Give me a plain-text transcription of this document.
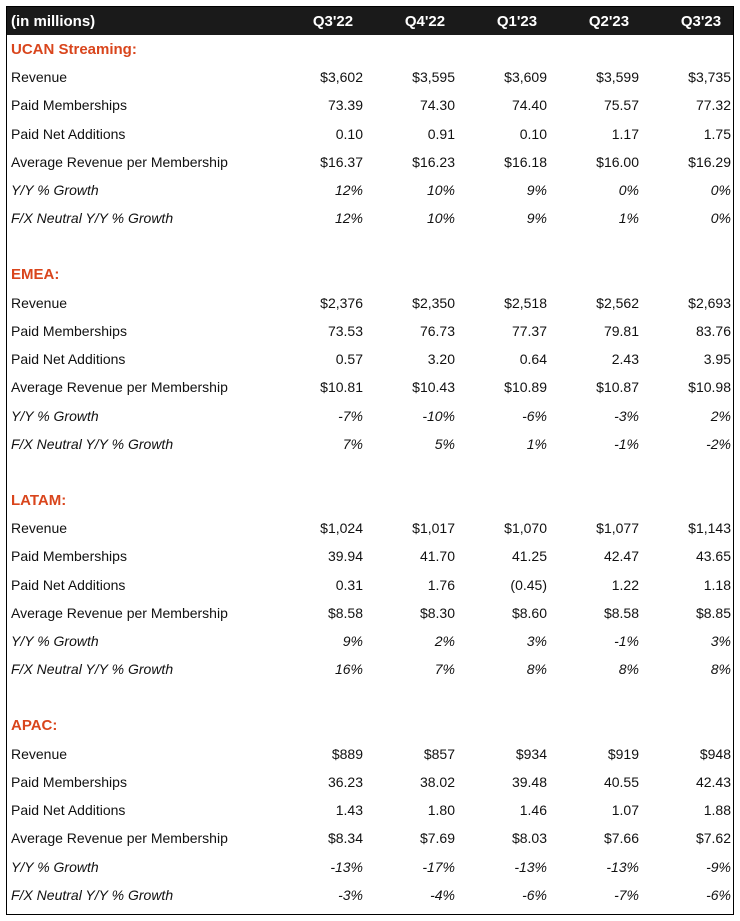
(in millions)	Q3'22	Q4'22	Q1'23	Q2'23	Q3'23
UCAN Streaming:					
Revenue	$3,602	$3,595	$3,609	$3,599	$3,735
Paid Memberships	73.39	74.30	74.40	75.57	77.32
Paid Net Additions	0.10	0.91	0.10	1.17	1.75
Average Revenue per Membership	$16.37	$16.23	$16.18	$16.00	$16.29
Y/Y % Growth	12%	10%	9%	0%	0%
F/X Neutral Y/Y % Growth	12%	10%	9%	1%	0%

EMEA:					
Revenue	$2,376	$2,350	$2,518	$2,562	$2,693
Paid Memberships	73.53	76.73	77.37	79.81	83.76
Paid Net Additions	0.57	3.20	0.64	2.43	3.95
Average Revenue per Membership	$10.81	$10.43	$10.89	$10.87	$10.98
Y/Y % Growth	-7%	-10%	-6%	-3%	2%
F/X Neutral Y/Y % Growth	7%	5%	1%	-1%	-2%

LATAM:					
Revenue	$1,024	$1,017	$1,070	$1,077	$1,143
Paid Memberships	39.94	41.70	41.25	42.47	43.65
Paid Net Additions	0.31	1.76	(0.45)	1.22	1.18
Average Revenue per Membership	$8.58	$8.30	$8.60	$8.58	$8.85
Y/Y % Growth	9%	2%	3%	-1%	3%
F/X Neutral Y/Y % Growth	16%	7%	8%	8%	8%

APAC:					
Revenue	$889	$857	$934	$919	$948
Paid Memberships	36.23	38.02	39.48	40.55	42.43
Paid Net Additions	1.43	1.80	1.46	1.07	1.88
Average Revenue per Membership	$8.34	$7.69	$8.03	$7.66	$7.62
Y/Y % Growth	-13%	-17%	-13%	-13%	-9%
F/X Neutral Y/Y % Growth	-3%	-4%	-6%	-7%	-6%
